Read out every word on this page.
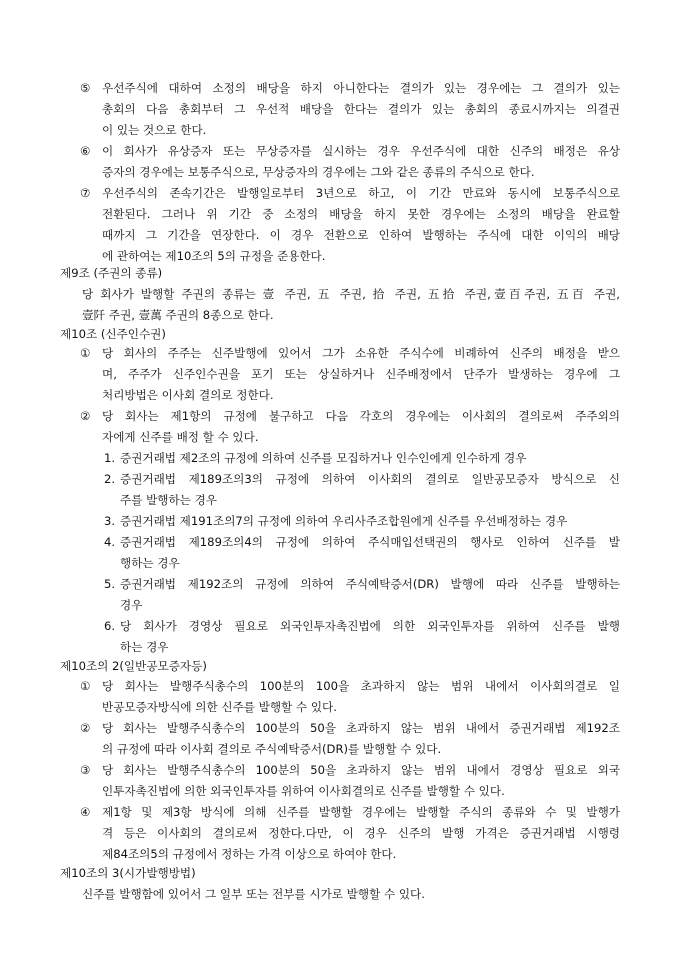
⑤ 우선주식에 대하여 소정의 배당을 하지 아니한다는 결의가 있는 경우에는 그 결의가 있는
총회의 다음 총회부터 그 우선적 배당을 한다는 결의가 있는 총회의 종료시까지는 의결권
이 있는 것으로 한다.
⑥ 이 회사가 유상증자 또는 무상증자를 실시하는 경우 우선주식에 대한 신주의 배정은 유상
증자의 경우에는 보통주식으로, 무상증자의 경우에는 그와 같은 종류의 주식으로 한다.
⑦ 우선주식의 존속기간은 발행일로부터 3년으로 하고, 이 기간 만료와 동시에 보통주식으로
전환된다. 그러나 위 기간 중 소정의 배당을 하지 못한 경우에는 소정의 배당을 완료할
때까지 그 기간을 연장한다. 이 경우 전환으로 인하여 발행하는 주식에 대한 이익의 배당
에 관하여는 제10조의 5의 규정을 준용한다.
제9조 (주권의 종류)
당 회사가 발행할 주권의 종류는 壹 주권, 五 주권, 拾 주권, 五拾 주권,壹百주권, 五百 주권,
壹阡 주권, 壹萬 주권의 8종으로 한다.
제10조 (신주인수권)
① 당 회사의 주주는 신주발행에 있어서 그가 소유한 주식수에 비례하여 신주의 배정을 받으
며, 주주가 신주인수권을 포기 또는 상실하거나 신주배정에서 단주가 발생하는 경우에 그
처리방법은 이사회 결의로 정한다.
② 당 회사는 제1항의 규정에 불구하고 다음 각호의 경우에는 이사회의 결의로써 주주외의
자에게 신주를 배정 할 수 있다.
1. 증권거래법 제2조의 규정에 의하여 신주를 모집하거나 인수인에게 인수하게 경우
2. 증권거래법 제189조의3의 규정에 의하여 이사회의 결의로 일반공모증자 방식으로 신
주를 발행하는 경우
3. 증권거래법 제191조의7의 규정에 의하여 우리사주조합원에게 신주를 우선배정하는 경우
4. 증권거래법 제189조의4의 규정에 의하여 주식매입선택권의 행사로 인하여 신주를 발
행하는 경우
5. 증권거래법 제192조의 규정에 의하여 주식예탁증서(DR) 발행에 따라 신주를 발행하는
경우
6. 당 회사가 경영상 필요로 외국인투자촉진법에 의한 외국인투자를 위하여 신주를 발행
하는 경우
제10조의 2(일반공모증자등)
① 당 회사는 발행주식총수의 100분의 100을 초과하지 않는 범위 내에서 이사회의결로 일
반공모증자방식에 의한 신주를 발행할 수 있다.
② 당 회사는 발행주식총수의 100분의 50을 초과하지 않는 범위 내에서 증권거래법 제192조
의 규정에 따라 이사회 결의로 주식예탁증서(DR)를 발행할 수 있다.
③ 당 회사는 발행주식총수의 100분의 50을 초과하지 않는 범위 내에서 경영상 필요로 외국
인투자촉진법에 의한 외국인투자를 위하여 이사회결의로 신주를 발행할 수 있다.
④ 제1항 및 제3항 방식에 의해 신주를 발행할 경우에는 발행할 주식의 종류와 수 및 발행가
격 등은 이사회의 결의로써 정한다.다만, 이 경우 신주의 발행 가격은 증권거래법 시행령
제84조의5의 규정에서 정하는 가격 이상으로 하여야 한다.
제10조의 3(시가발행방법)
신주를 발행함에 있어서 그 일부 또는 전부를 시가로 발행할 수 있다.
